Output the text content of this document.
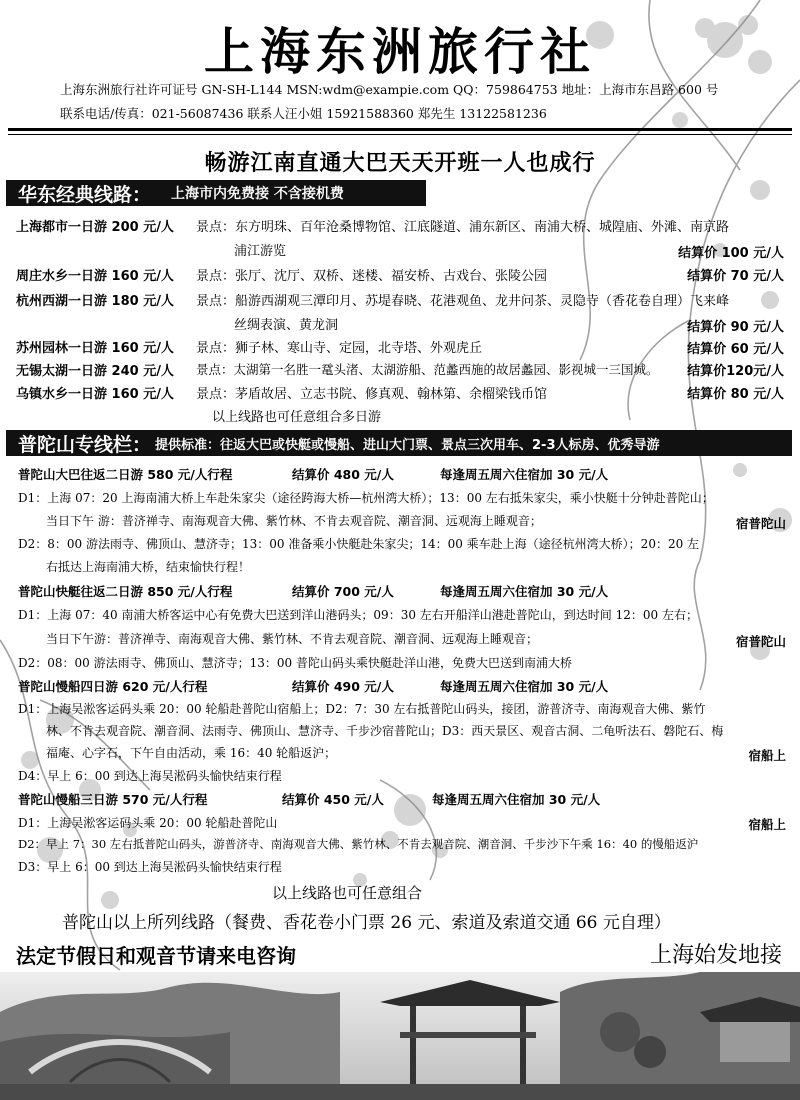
上海东洲旅行社
上海东洲旅行社许可证号 GN-SH-L144 MSN:wdm@exampie.com QQ：759864753 地址：上海市东昌路 600 号
联系电话/传真：021-56087436 联系人汪小姐 15921588360 郑先生 13122581236
畅游江南直通大巴天天开班一人也成行
华东经典线路： 上海市内免费接 不含接机费
上海都市一日游 200 元/人 景点：东方明珠、百年沧桑博物馆、江底隧道、浦东新区、南浦大桥、城隍庙、外滩、南京路
浦江游览	结算价 100 元/人
周庄水乡一日游 160 元/人 景点：张厅、沈厅、双桥、迷楼、福安桥、古戏台、张陵公园	结算价 70 元/人
杭州西湖一日游 180 元/人 景点：船游西湖观三潭印月、苏堤春晓、花港观鱼、龙井问茶、灵隐寺（香花卷自理）飞来峰
丝绸表演、黄龙洞	结算价 90 元/人
苏州园林一日游 160 元/人 景点：狮子林、寒山寺、定园，北寺塔、外观虎丘	结算价 60 元/人
无锡太湖一日游 240 元/人 景点：太湖第一名胜一鼋头渚、太湖游船、范蠡西施的故居蠡园、影视城一三国城。 结算价120元/人
乌镇水乡一日游 160 元/人 景点：茅盾故居、立志书院、修真观、翰林第、余榴梁钱币馆	结算价 80 元/人
以上线路也可任意组合多日游
普陀山专线栏： 提供标准：往返大巴或快艇或慢船、进山大门票、景点三次用车、2-3人标房、优秀导游
普陀山大巴往返二日游 580 元/人行程	结算价 480 元/人	每逢周五周六住宿加 30 元/人
D1：上海 07：20 上海南浦大桥上车赴朱家尖（途径跨海大桥—杭州湾大桥）；13：00 左右抵朱家尖，乘小快艇十分钟赴普陀山；
当日下午 游：普济禅寺、南海观音大佛、紫竹林、不肯去观音院、潮音洞、远观海上睡观音；	宿普陀山
D2：8：00 游法雨寺、佛顶山、慧济寺；13：00 准备乘小快艇赴朱家尖；14：00 乘车赴上海（途径杭州湾大桥）；20：20 左
右抵达上海南浦大桥，结束愉快行程！
普陀山快艇往返二日游 850 元/人行程	结算价 700 元/人	每逢周五周六住宿加 30 元/人
D1：上海 07：40 南浦大桥客运中心有免费大巴送到洋山港码头；09：30 左右开船洋山港赴普陀山，到达时间 12：00 左右；
当日下午游：普济禅寺、南海观音大佛、紫竹林、不肯去观音院、潮音洞、远观海上睡观音；	宿普陀山
D2：08：00 游法雨寺、佛顶山、慧济寺；13：00 普陀山码头乘快艇赴洋山港，免费大巴送到南浦大桥
普陀山慢船四日游 620 元/人行程	结算价 490 元/人	每逢周五周六住宿加 30 元/人
D1：上海吴淞客运码头乘 20：00 轮船赴普陀山宿船上；D2：7：30 左右抵普陀山码头，接团，游普济寺、南海观音大佛、紫竹
林、不肯去观音院、潮音洞、法雨寺、佛顶山、慧济寺、千步沙宿普陀山；D3：西天景区、观音古洞、二龟听法石、磐陀石、梅
福庵、心字石，下午自由活动，乘 16：40 轮船返沪；	宿船上
D4：早上 6：00 到达上海吴淞码头愉快结束行程
普陀山慢船三日游 570 元/人行程	结算价 450 元/人	每逢周五周六住宿加 30 元/人
D1：上海吴淞客运码头乘 20：00 轮船赴普陀山	宿船上
D2：早上 7：30 左右抵普陀山码头，游普济寺、南海观音大佛、紫竹林、不肯去观音院、潮音洞、千步沙下午乘 16：40 的慢船返沪
D3：早上 6：00 到达上海吴淞码头愉快结束行程
以上线路也可任意组合
普陀山以上所列线路（餐费、香花卷小门票 26 元、索道及索道交通 66 元自理）
法定节假日和观音节请来电咨询	上海始发地接
